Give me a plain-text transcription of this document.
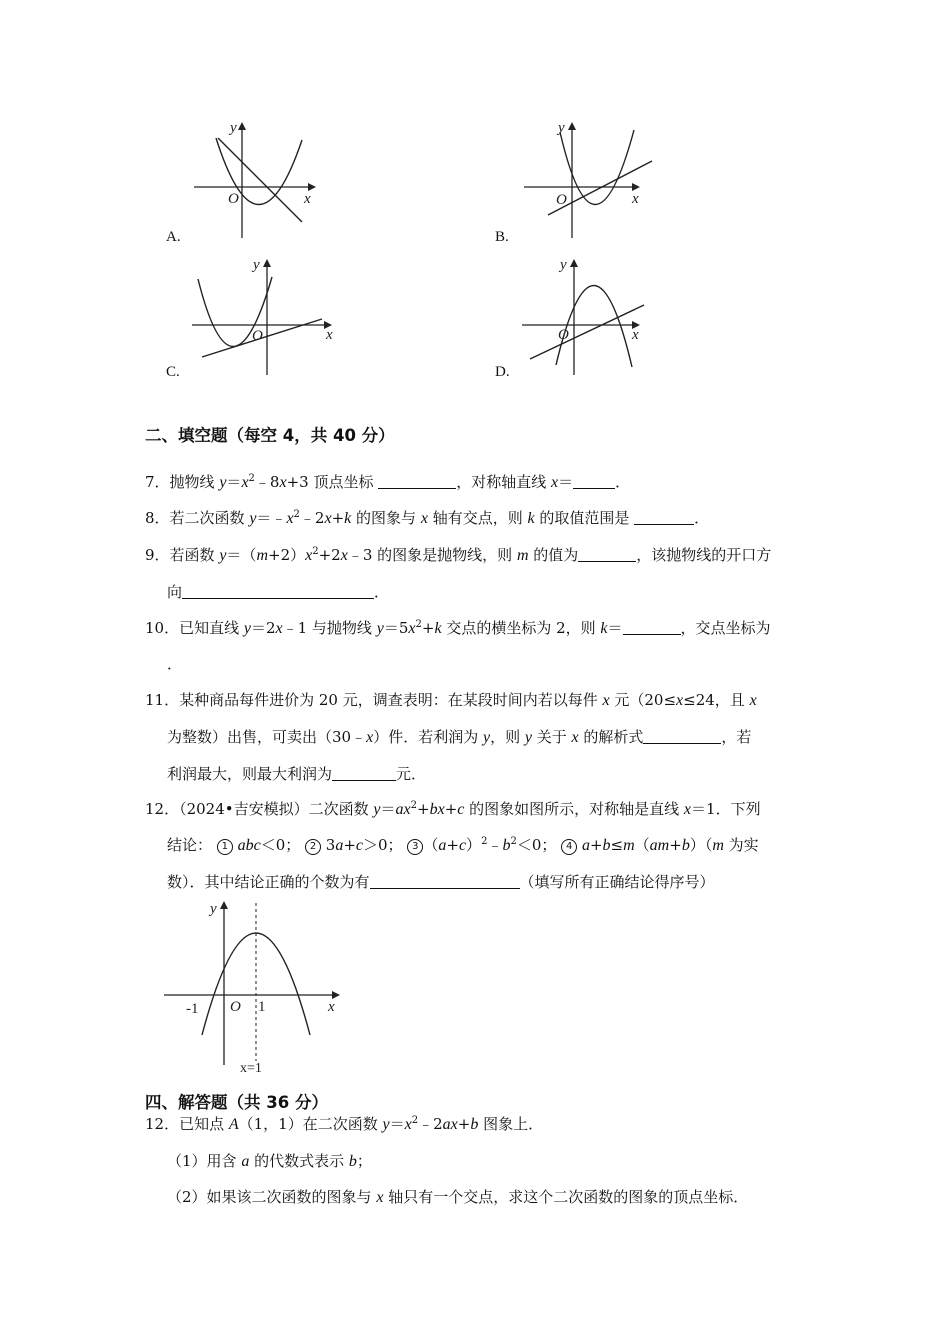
y
x
O
A.
y
x
O
B.
y
x
O
C.
y
x
O
D.
二、填空题（每空 4，共 40 分）
7．抛物线 $y=x^2﹣8x+3$ 顶点坐标	，对称轴直线 x＝	．
8．若二次函数 $y=﹣x^2﹣2x+k$ 的图象与 x 轴有交点，则 k 的取值范围是	．
9．若函数 $y=(m+2)x^2+2x﹣3$ 的图象是抛物线，则 m 的值为	，该抛物线的开口方
向	．
10．已知直线 y＝2x﹣1 与抛物线 $y=5x^2+k$ 交点的横坐标为 2，则 k＝	，交点坐标为
．
11．某种商品每件进价为 20 元，调查表明：在某段时间内若以每件 x 元（20≤x≤24，且 x
为整数）出售，可卖出（30﹣x）件．若利润为 y，则 y 关于 x 的解析式	，若
利润最大，则最大利润为	元．
12．（2024•吉安模拟）二次函数 $y=ax^2+bx+c$ 的图象如图所示，对称轴是直线 x＝1．下列
结论： 1 abc＜0； 2 3a+c＞0； 3 $(a+c)^2﹣b^2<0$； 4 a+b≤m（am+b）（m 为实
数）．其中结论正确的个数为有	（填写所有正确结论得序号）
y
x
O
-1	1
x=1
四、解答题（共 36 分）
12．已知点 A（1，1）在二次函数 $y=x^2﹣2ax+b$ 图象上．
（1）用含 a 的代数式表示 b；
（2）如果该二次函数的图象与 x 轴只有一个交点，求这个二次函数的图象的顶点坐标．
